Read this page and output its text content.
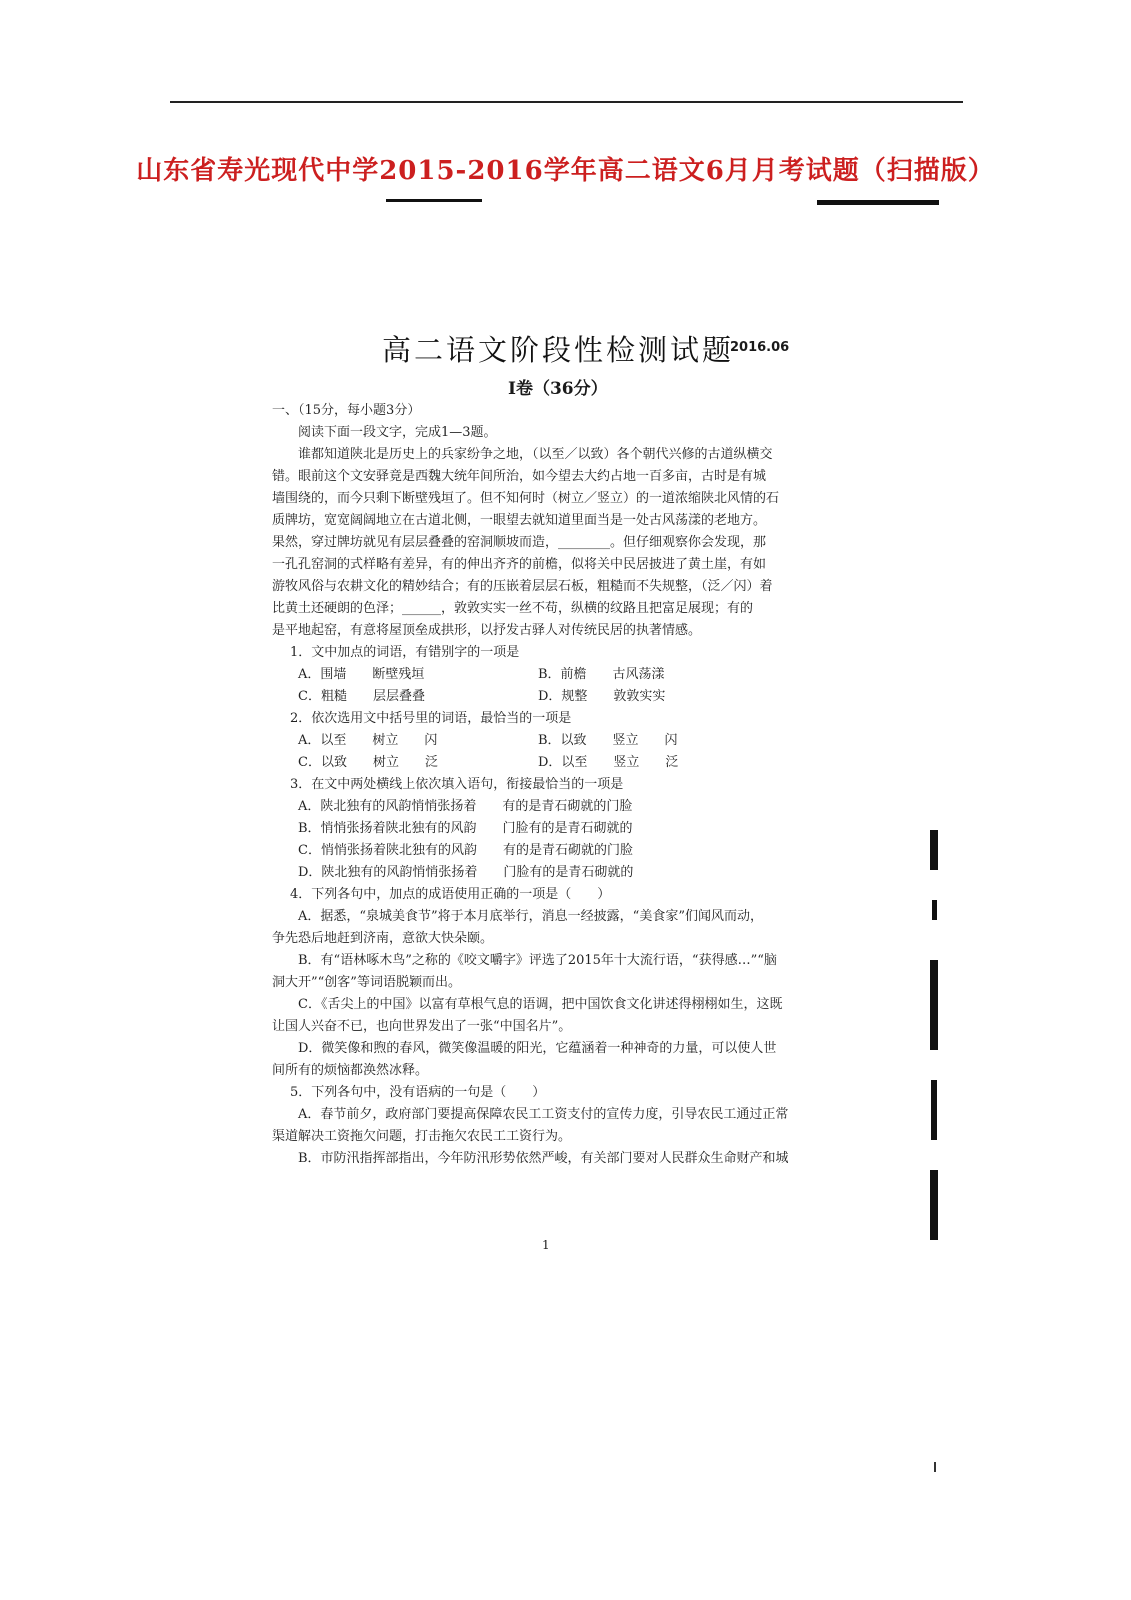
山东省寿光现代中学2015-2016学年高二语文6月月考试题（扫描版）
高二语文阶段性检测试题
2016.06
Ⅰ卷（36分）
一、（15分，每小题3分）
阅读下面一段文字，完成1—3题。
谁都知道陕北是历史上的兵家纷争之地，（以至／以致）各个朝代兴修的古道纵横交
错。眼前这个文安驿竟是西魏大统年间所治，如今望去大约占地一百多亩，古时是有城
墙围绕的，而今只剩下断壁残垣了。但不知何时（树立／竖立）的一道浓缩陕北风情的石
质牌坊，宽宽阔阔地立在古道北侧，一眼望去就知道里面当是一处古风荡漾的老地方。
果然，穿过牌坊就见有层层叠叠的窑洞顺坡而造，________。但仔细观察你会发现，那
一孔孔窑洞的式样略有差异，有的伸出齐齐的前檐，似将关中民居披进了黄土崖，有如
游牧风俗与农耕文化的精妙结合；有的压嵌着层层石板，粗糙而不失规整，（泛／闪）着
比黄土还硬朗的色泽；______，敦敦实实一丝不苟，纵横的纹路且把富足展现；有的
是平地起窑，有意将屋顶垒成拱形，以抒发古驿人对传统民居的执著情感。
1．文中加点的词语，有错别字的一项是
A．围墙　　断壁残垣	B．前檐　　古风荡漾
C．粗糙　　层层叠叠	D．规整　　敦敦实实
2．依次选用文中括号里的词语，最恰当的一项是
A．以至　　树立　　闪	B．以致　　竖立　　闪
C．以致　　树立　　泛	D．以至　　竖立　　泛
3．在文中两处横线上依次填入语句，衔接最恰当的一项是
A．陕北独有的风韵悄悄张扬着　　有的是青石砌就的门脸
B．悄悄张扬着陕北独有的风韵　　门脸有的是青石砌就的
C．悄悄张扬着陕北独有的风韵　　有的是青石砌就的门脸
D．陕北独有的风韵悄悄张扬着　　门脸有的是青石砌就的
4．下列各句中，加点的成语使用正确的一项是（　　）
A．据悉，“泉城美食节”将于本月底举行，消息一经披露，“美食家”们闻风而动，
争先恐后地赶到济南，意欲大快朵颐。
B．有“语林啄木鸟”之称的《咬文嚼字》评选了2015年十大流行语，“获得感…”“脑
洞大开”“创客”等词语脱颖而出。
C．《舌尖上的中国》以富有草根气息的语调，把中国饮食文化讲述得栩栩如生，这既
让国人兴奋不已，也向世界发出了一张“中国名片”。
D．微笑像和煦的春风，微笑像温暖的阳光，它蕴涵着一种神奇的力量，可以使人世
间所有的烦恼都涣然冰释。
5．下列各句中，没有语病的一句是（　　）
A．春节前夕，政府部门要提高保障农民工工资支付的宣传力度，引导农民工通过正常
渠道解决工资拖欠问题，打击拖欠农民工工资行为。
B．市防汛指挥部指出，今年防汛形势依然严峻，有关部门要对人民群众生命财产和城
1
